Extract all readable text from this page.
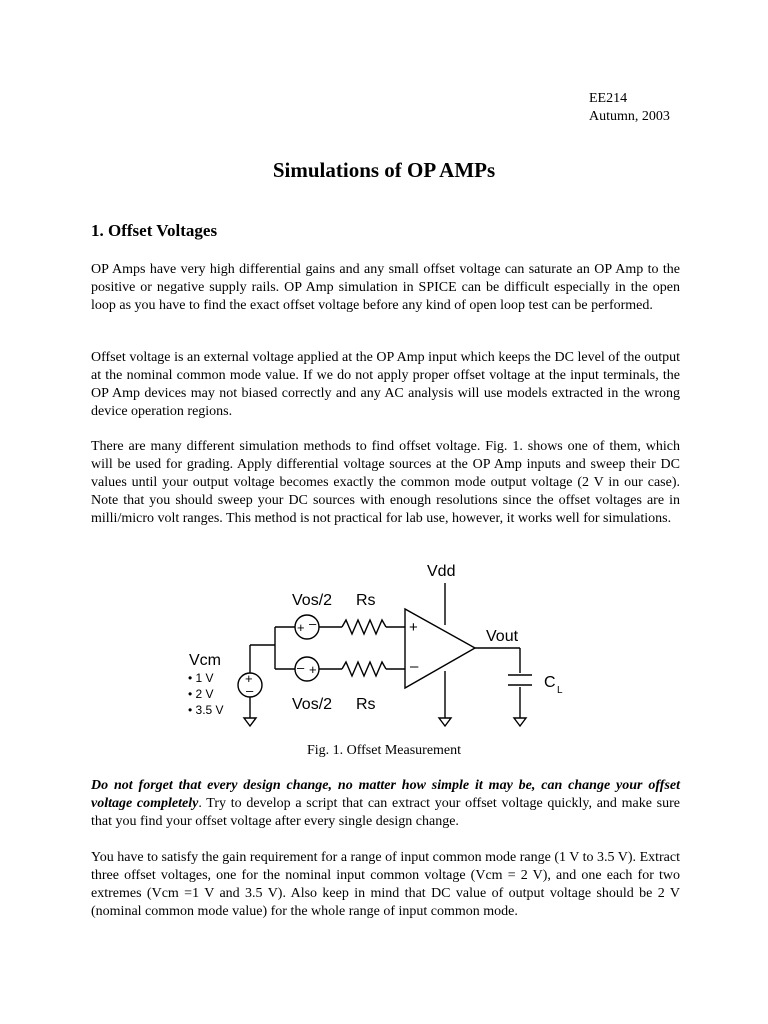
EE214
Autumn, 2003
Simulations of OP AMPs
1. Offset Voltages
OP Amps have very high differential gains and any small offset voltage can saturate an OP Amp to the positive or negative supply rails. OP Amp simulation in SPICE can be difficult especially in the open loop as you have to find the exact offset voltage before any kind of open loop test can be performed.
Offset voltage is an external voltage applied at the OP Amp input which keeps the DC level of the output at the nominal common mode value. If we do not apply proper offset voltage at the input terminals, the OP Amp devices may not biased correctly and any AC analysis will use models extracted in the wrong device operation regions.
There are many different simulation methods to find offset voltage. Fig. 1. shows one of them, which will be used for grading. Apply differential voltage sources at the OP Amp inputs and sweep their DC values until your output voltage becomes exactly the common mode output voltage (2 V in our case). Note that you should sweep your DC sources with enough resolutions since the offset voltages are in milli/micro volt ranges. This method is not practical for lab use, however, it works well for simulations.
+
–
+ –
– +
+
–
Vdd
Vos/2 Rs
Vout
Vcm
Vos/2 Rs
C L
• 1 V
• 2 V
• 3.5 V
Fig. 1. Offset Measurement
Do not forget that every design change, no matter how simple it may be, can change your offset voltage completely. Try to develop a script that can extract your offset voltage quickly, and make sure that you find your offset voltage after every single design change.
You have to satisfy the gain requirement for a range of input common mode range (1 V to 3.5 V). Extract three offset voltages, one for the nominal input common voltage (Vcm = 2 V), and one each for two extremes (Vcm =1 V and 3.5 V). Also keep in mind that DC value of output voltage should be 2 V (nominal common mode value) for the whole range of input common mode.
